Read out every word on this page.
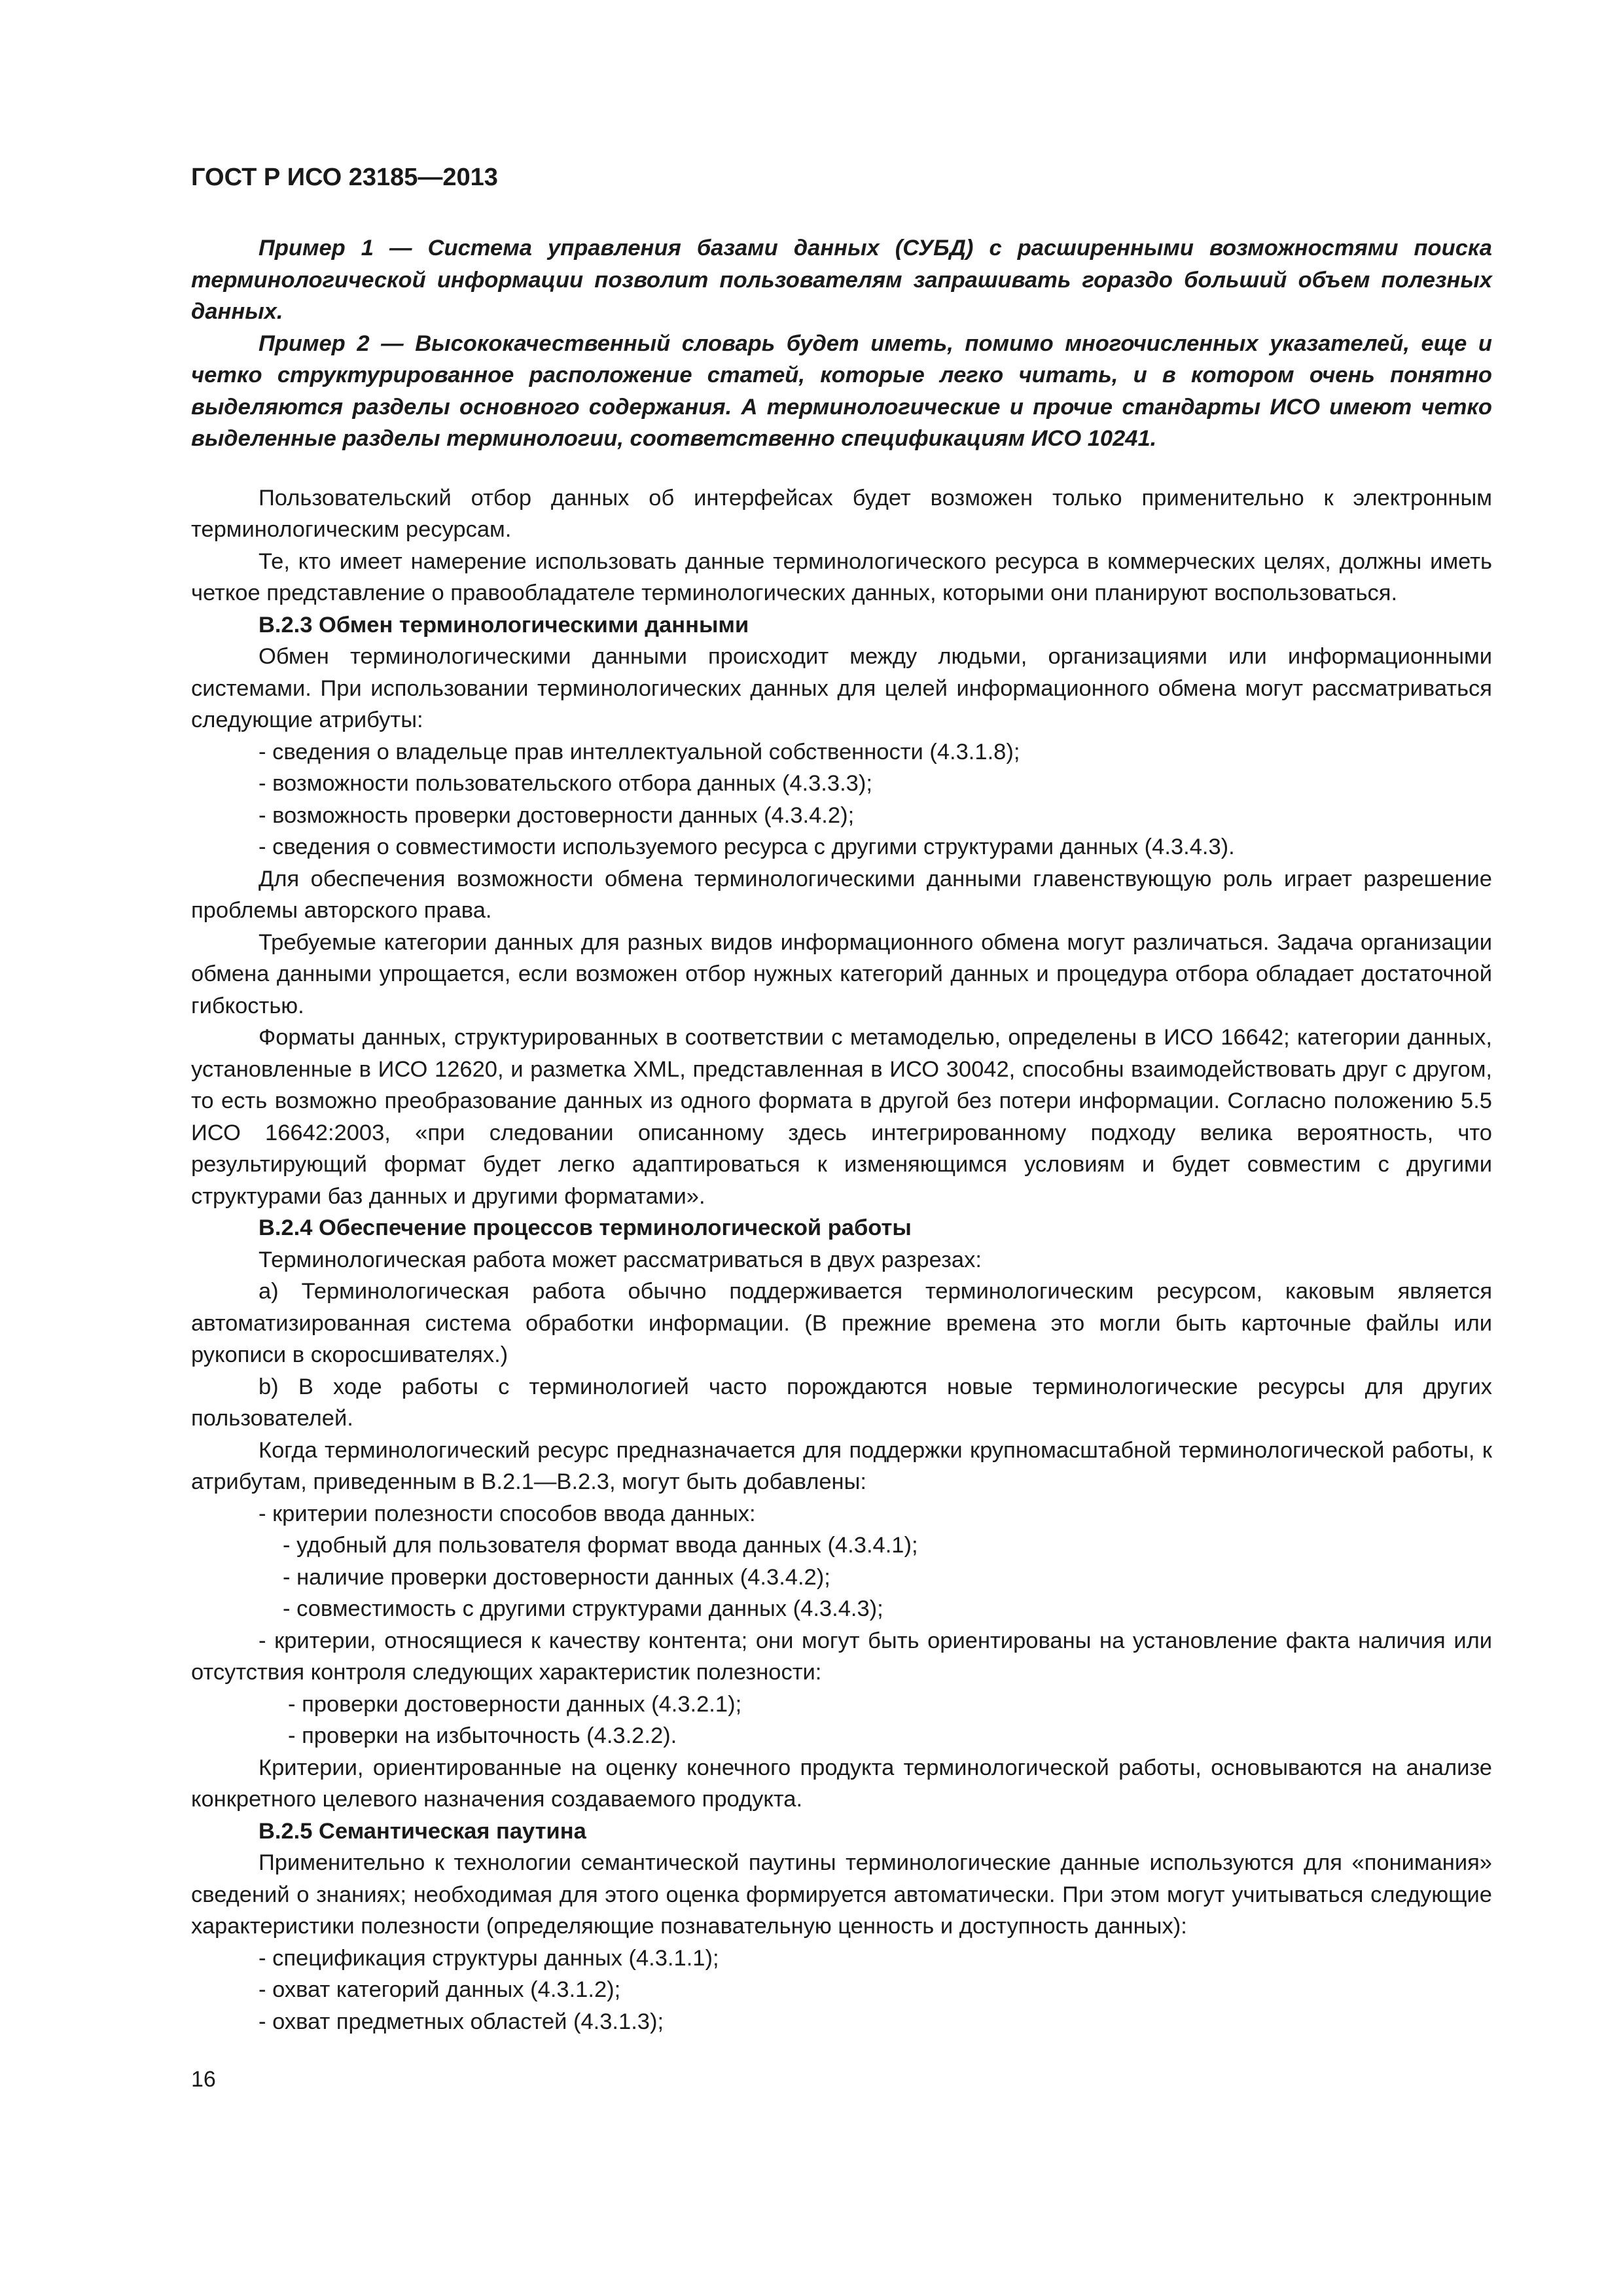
ГОСТ Р ИСО 23185—2013

Пример 1 — Система управления базами данных (СУБД) с расширенными возможностями поиска терминологической информации позволит пользователям запрашивать гораздо больший объем полезных данных.

Пример 2 — Высококачественный словарь будет иметь, помимо многочисленных указателей, еще и четко структурированное расположение статей, которые легко читать, и в котором очень понятно выделяются разделы основного содержания. А терминологические и прочие стандарты ИСО имеют четко выделенные разделы терминологии, соответственно спецификациям ИСО 10241.

Пользовательский отбор данных об интерфейсах будет возможен только применительно к электронным терминологическим ресурсам.

Те, кто имеет намерение использовать данные терминологического ресурса в коммерческих целях, должны иметь четкое представление о правообладателе терминологических данных, которыми они планируют воспользоваться.

В.2.3 Обмен терминологическими данными

Обмен терминологическими данными происходит между людьми, организациями или информационными системами. При использовании терминологических данных для целей информационного обмена могут рассматриваться следующие атрибуты:

- сведения о владельце прав интеллектуальной собственности (4.3.1.8);

- возможности пользовательского отбора данных (4.3.3.3);

- возможность проверки достоверности данных (4.3.4.2);

- сведения о совместимости используемого ресурса с другими структурами данных (4.3.4.3).

Для обеспечения возможности обмена терминологическими данными главенствующую роль играет разрешение проблемы авторского права.

Требуемые категории данных для разных видов информационного обмена могут различаться. Задача организации обмена данными упрощается, если возможен отбор нужных категорий данных и процедура отбора обладает достаточной гибкостью.

Форматы данных, структурированных в соответствии с метамоделью, определены в ИСО 16642; категории данных, установленные в ИСО 12620, и разметка XML, представленная в ИСО 30042, способны взаимодействовать друг с другом, то есть возможно преобразование данных из одного формата в другой без потери информации. Согласно положению 5.5 ИСО 16642:2003, «при следовании описанному здесь интегрированному подходу велика вероятность, что результирующий формат будет легко адаптироваться к изменяющимся условиям и будет совместим с другими структурами баз данных и другими форматами».

В.2.4 Обеспечение процессов терминологической работы

Терминологическая работа может рассматриваться в двух разрезах:

а) Терминологическая работа обычно поддерживается терминологическим ресурсом, каковым является автоматизированная система обработки информации. (В прежние времена это могли быть карточные файлы или рукописи в скоросшивателях.)

b) В ходе работы с терминологией часто порождаются новые терминологические ресурсы для других пользователей.

Когда терминологический ресурс предназначается для поддержки крупномасштабной терминологической работы, к атрибутам, приведенным в В.2.1—В.2.3, могут быть добавлены:

- критерии полезности способов ввода данных:

- удобный для пользователя формат ввода данных (4.3.4.1);

- наличие проверки достоверности данных (4.3.4.2);

- совместимость с другими структурами данных (4.3.4.3);

- критерии, относящиеся к качеству контента; они могут быть ориентированы на установление факта наличия или отсутствия контроля следующих характеристик полезности:

- проверки достоверности данных (4.3.2.1);

- проверки на избыточность (4.3.2.2).

Критерии, ориентированные на оценку конечного продукта терминологической работы, основываются на анализе конкретного целевого назначения создаваемого продукта.

В.2.5 Семантическая паутина

Применительно к технологии семантической паутины терминологические данные используются для «понимания» сведений о знаниях; необходимая для этого оценка формируется автоматически. При этом могут учитываться следующие характеристики полезности (определяющие познавательную ценность и доступность данных):

- спецификация структуры данных (4.3.1.1);

- охват категорий данных (4.3.1.2);

- охват предметных областей (4.3.1.3);

16
